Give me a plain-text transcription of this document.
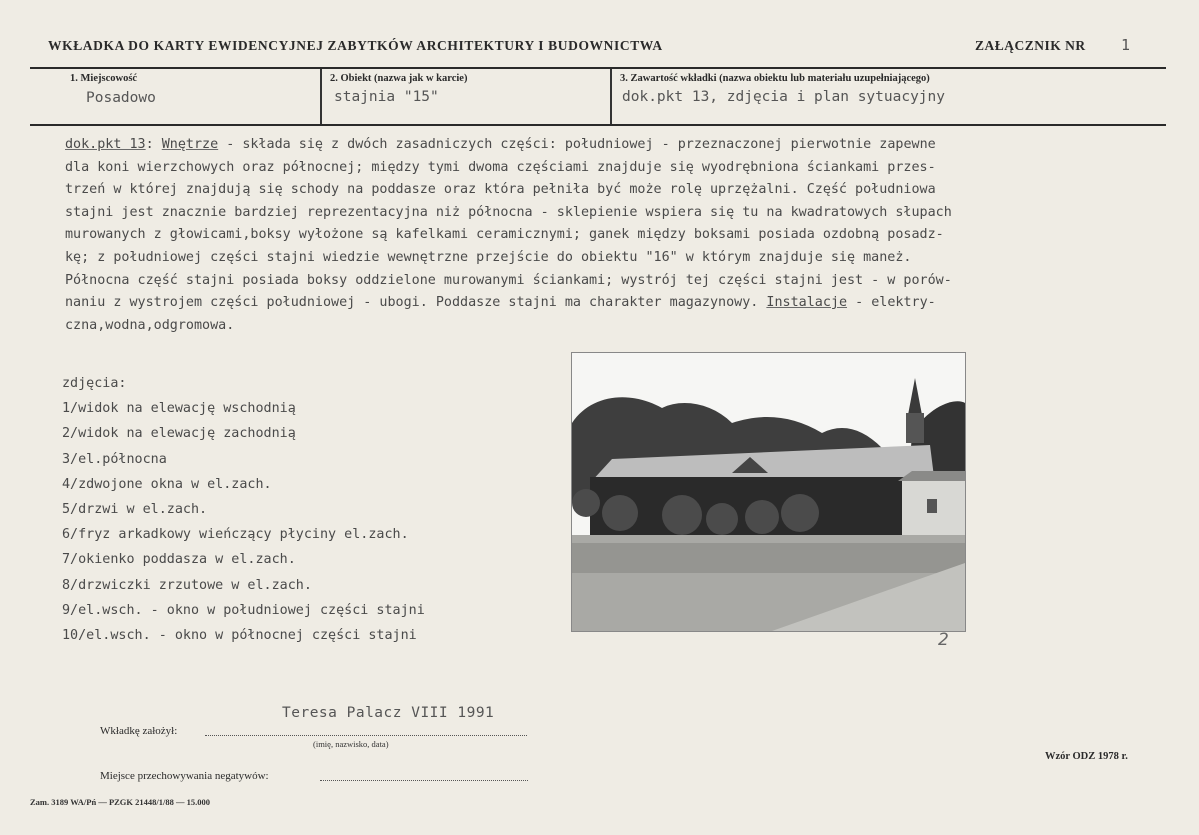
WKŁADKA DO KARTY EWIDENCYJNEJ ZABYTKÓW ARCHITEKTURY I BUDOWNICTWA	ZAŁĄCZNIK NR 1
1. Miejscowość
Posadowo
2. Obiekt (nazwa jak w karcie)
stajnia "15"
3. Zawartość wkładki (nazwa obiektu lub materiału uzupełniającego)
dok.pkt 13, zdjęcia i plan sytuacyjny
dok.pkt 13: Wnętrze - składa się z dwóch zasadniczych części: południowej - przeznaczonej pierwotnie zapewne
dla koni wierzchowych oraz północnej; między tymi dwoma częściami znajduje się wyodrębniona ściankami przes-
trzeń w której znajdują się schody na poddasze oraz która pełniła być może rolę uprzężalni. Część południowa
stajni jest znacznie bardziej reprezentacyjna niż północna - sklepienie wspiera się tu na kwadratowych słupach
murowanych z głowicami,boksy wyłożone są kafelkami ceramicznymi; ganek między boksami posiada ozdobną posadz-
kę; z południowej części stajni wiedzie wewnętrzne przejście do obiektu "16" w którym znajduje się maneż.
Północna część stajni posiada boksy oddzielone murowanymi ściankami; wystrój tej części stajni jest - w porów-
naniu z wystrojem części południowej - ubogi. Poddasze stajni ma charakter magazynowy. Instalacje - elektry-
czna,wodna,odgromowa.
zdjęcia:
1/widok na elewację wschodnią
2/widok na elewację zachodnią
3/el.północna
4/zdwojone okna w el.zach.
5/drzwi w el.zach.
6/fryz arkadkowy wieńczący płyciny el.zach.
7/okienko poddasza w el.zach.
8/drzwiczki zrzutowe w el.zach.
9/el.wsch. - okno w południowej części stajni
10/el.wsch. - okno w północnej części stajni	2
Teresa Palacz VIII 1991
Wkładkę założył:
(imię, nazwisko, data)
Miejsce przechowywania negatywów:
Wzór ODZ 1978 r.
Zam. 3189 WA/Pń — PZGK 21448/1/88 — 15.000
